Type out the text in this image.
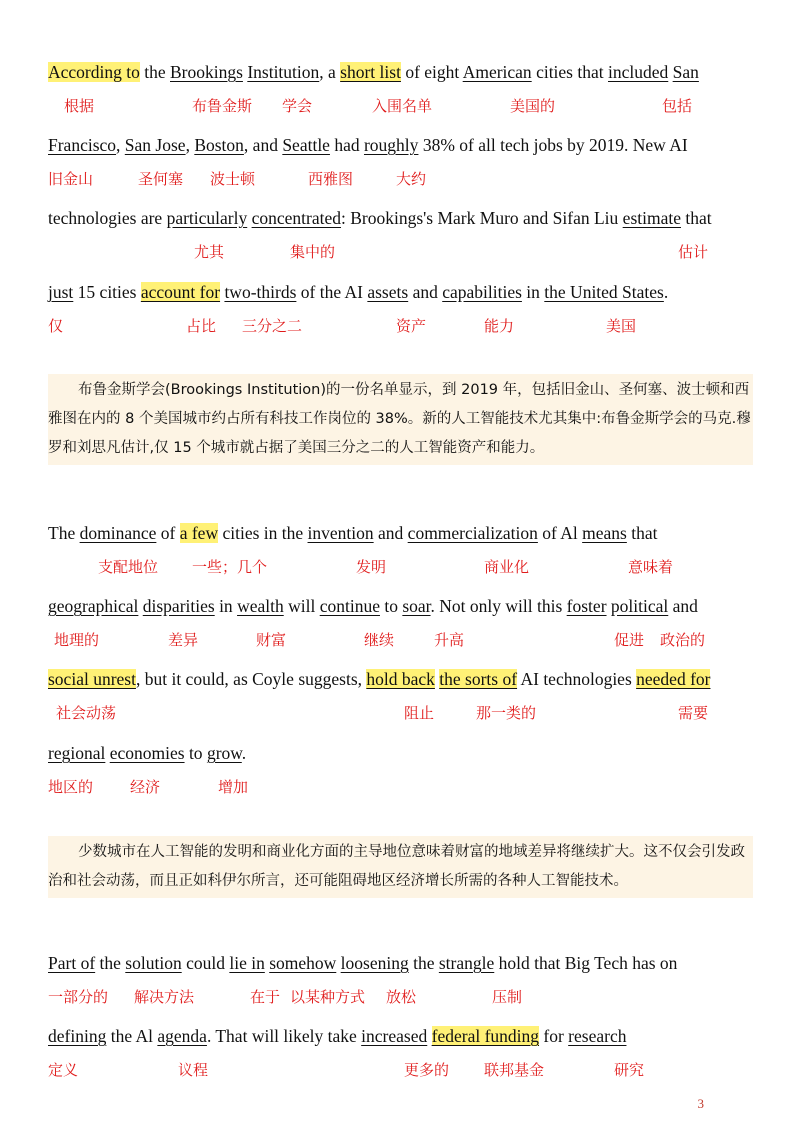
According to the Brookings Institution, a short list of eight American cities that included San
根据	布鲁金斯 学会	入围名单	美国的	包括
Francisco, San Jose, Boston, and Seattle had roughly 38% of all tech jobs by 2019. New AI
旧金山	圣何塞 波士顿	西雅图	大约
technologies are particularly concentrated: Brookings's Mark Muro and Sifan Liu estimate that
尤其	集中的	估计
just 15 cities account for two-thirds of the AI assets and capabilities in the United States.
仅	占比 三分之二	资产	能力	美国
布鲁金斯学会(Brookings Institution)的一份名单显示，到 2019 年，包括旧金山、圣何塞、波士顿和西雅图在内的 8 个美国城市约占所有科技工作岗位的 38%。新的人工智能技术尤其集中:布鲁金斯学会的马克.穆罗和刘思凡估计,仅 15 个城市就占据了美国三分之二的人工智能资产和能力。
The dominance of a few cities in the invention and commercialization of Al means that
支配地位 一些；几个	发明	商业化	意味着
geographical disparities in wealth will continue to soar. Not only will this foster political and
地理的	差异	财富	继续	升高	促进 政治的
social unrest, but it could, as Coyle suggests, hold back the sorts of AI technologies needed for
社会动荡	阻止	那一类的	需要
regional economies to grow.
地区的 经济	增加
少数城市在人工智能的发明和商业化方面的主导地位意味着财富的地域差异将继续扩大。这不仅会引发政治和社会动荡，而且正如科伊尔所言，还可能阻碍地区经济增长所需的各种人工智能技术。
Part of the solution could lie in somehow loosening the strangle hold that Big Tech has on
一部分的 解决方法	在于 以某种方式 放松	压制
defining the Al agenda. That will likely take increased federal funding for research
定义	议程	更多的 联邦基金	研究
3
